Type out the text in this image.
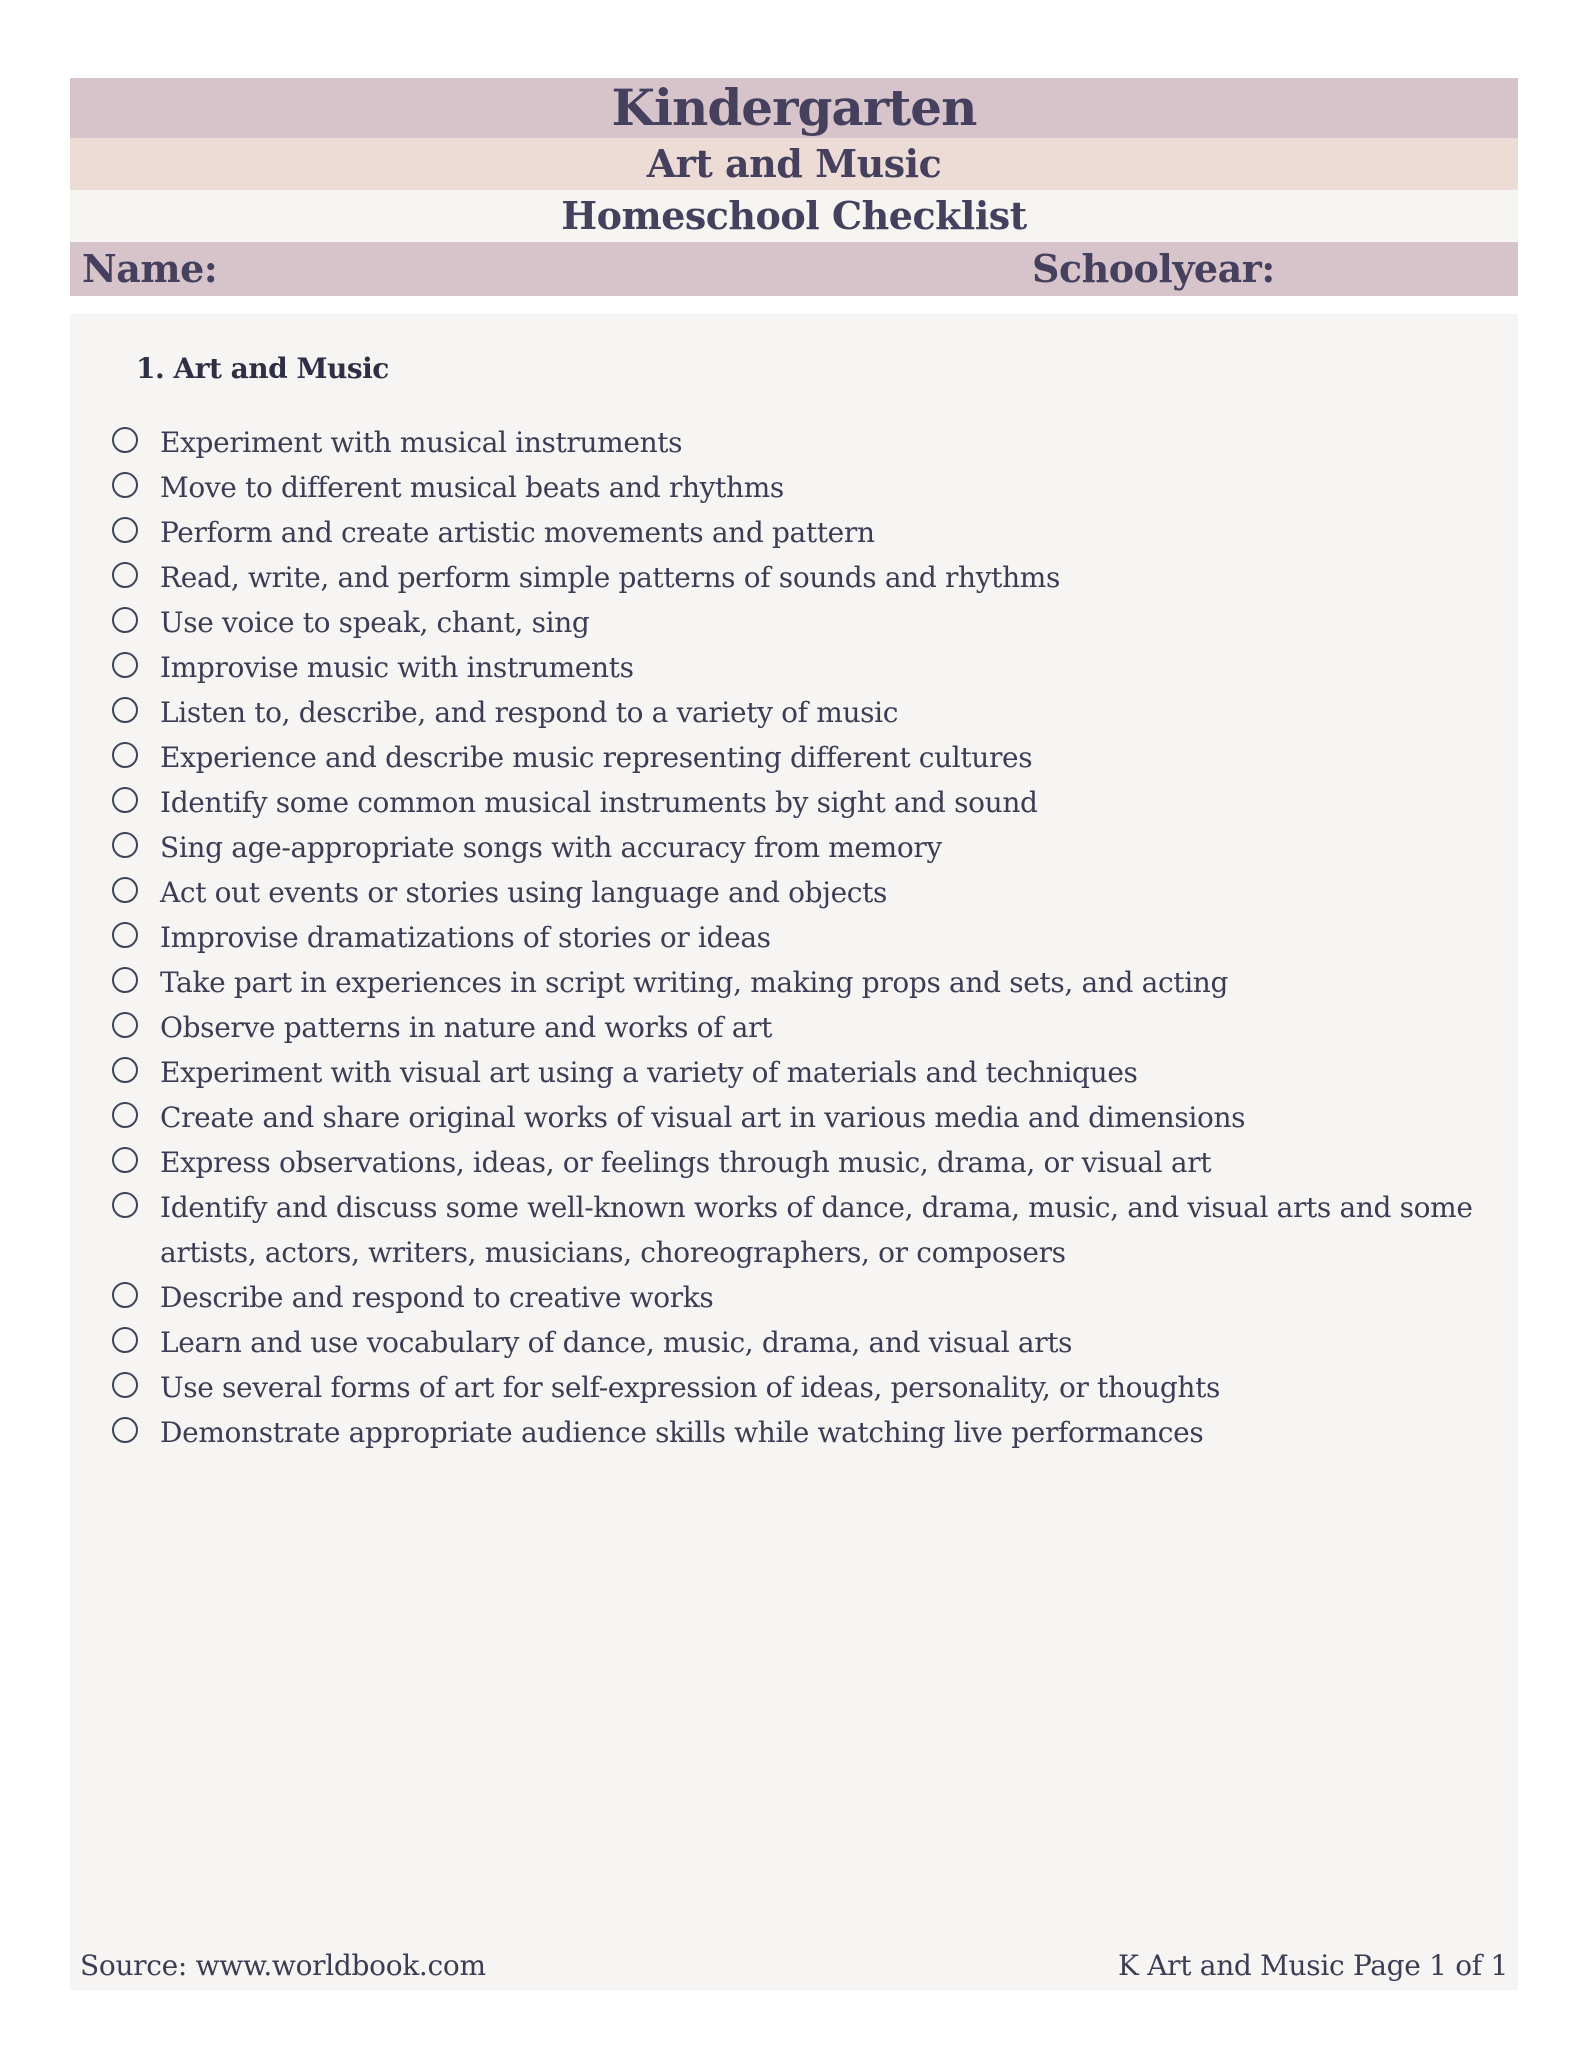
Kindergarten
Art and Music
Homeschool Checklist
Name:	Schoolyear:
1. Art and Music
Experiment with musical instruments
Move to different musical beats and rhythms
Perform and create artistic movements and pattern
Read, write, and perform simple patterns of sounds and rhythms
Use voice to speak, chant, sing
Improvise music with instruments
Listen to, describe, and respond to a variety of music
Experience and describe music representing different cultures
Identify some common musical instruments by sight and sound
Sing age-appropriate songs with accuracy from memory
Act out events or stories using language and objects
Improvise dramatizations of stories or ideas
Take part in experiences in script writing, making props and sets, and acting
Observe patterns in nature and works of art
Experiment with visual art using a variety of materials and techniques
Create and share original works of visual art in various media and dimensions
Express observations, ideas, or feelings through music, drama, or visual art
Identify and discuss some well-known works of dance, drama, music, and visual arts and some artists, actors, writers, musicians, choreographers, or composers
Describe and respond to creative works
Learn and use vocabulary of dance, music, drama, and visual arts
Use several forms of art for self-expression of ideas, personality, or thoughts
Demonstrate appropriate audience skills while watching live performances
Source: www.worldbook.com	K Art and Music Page 1 of 1
